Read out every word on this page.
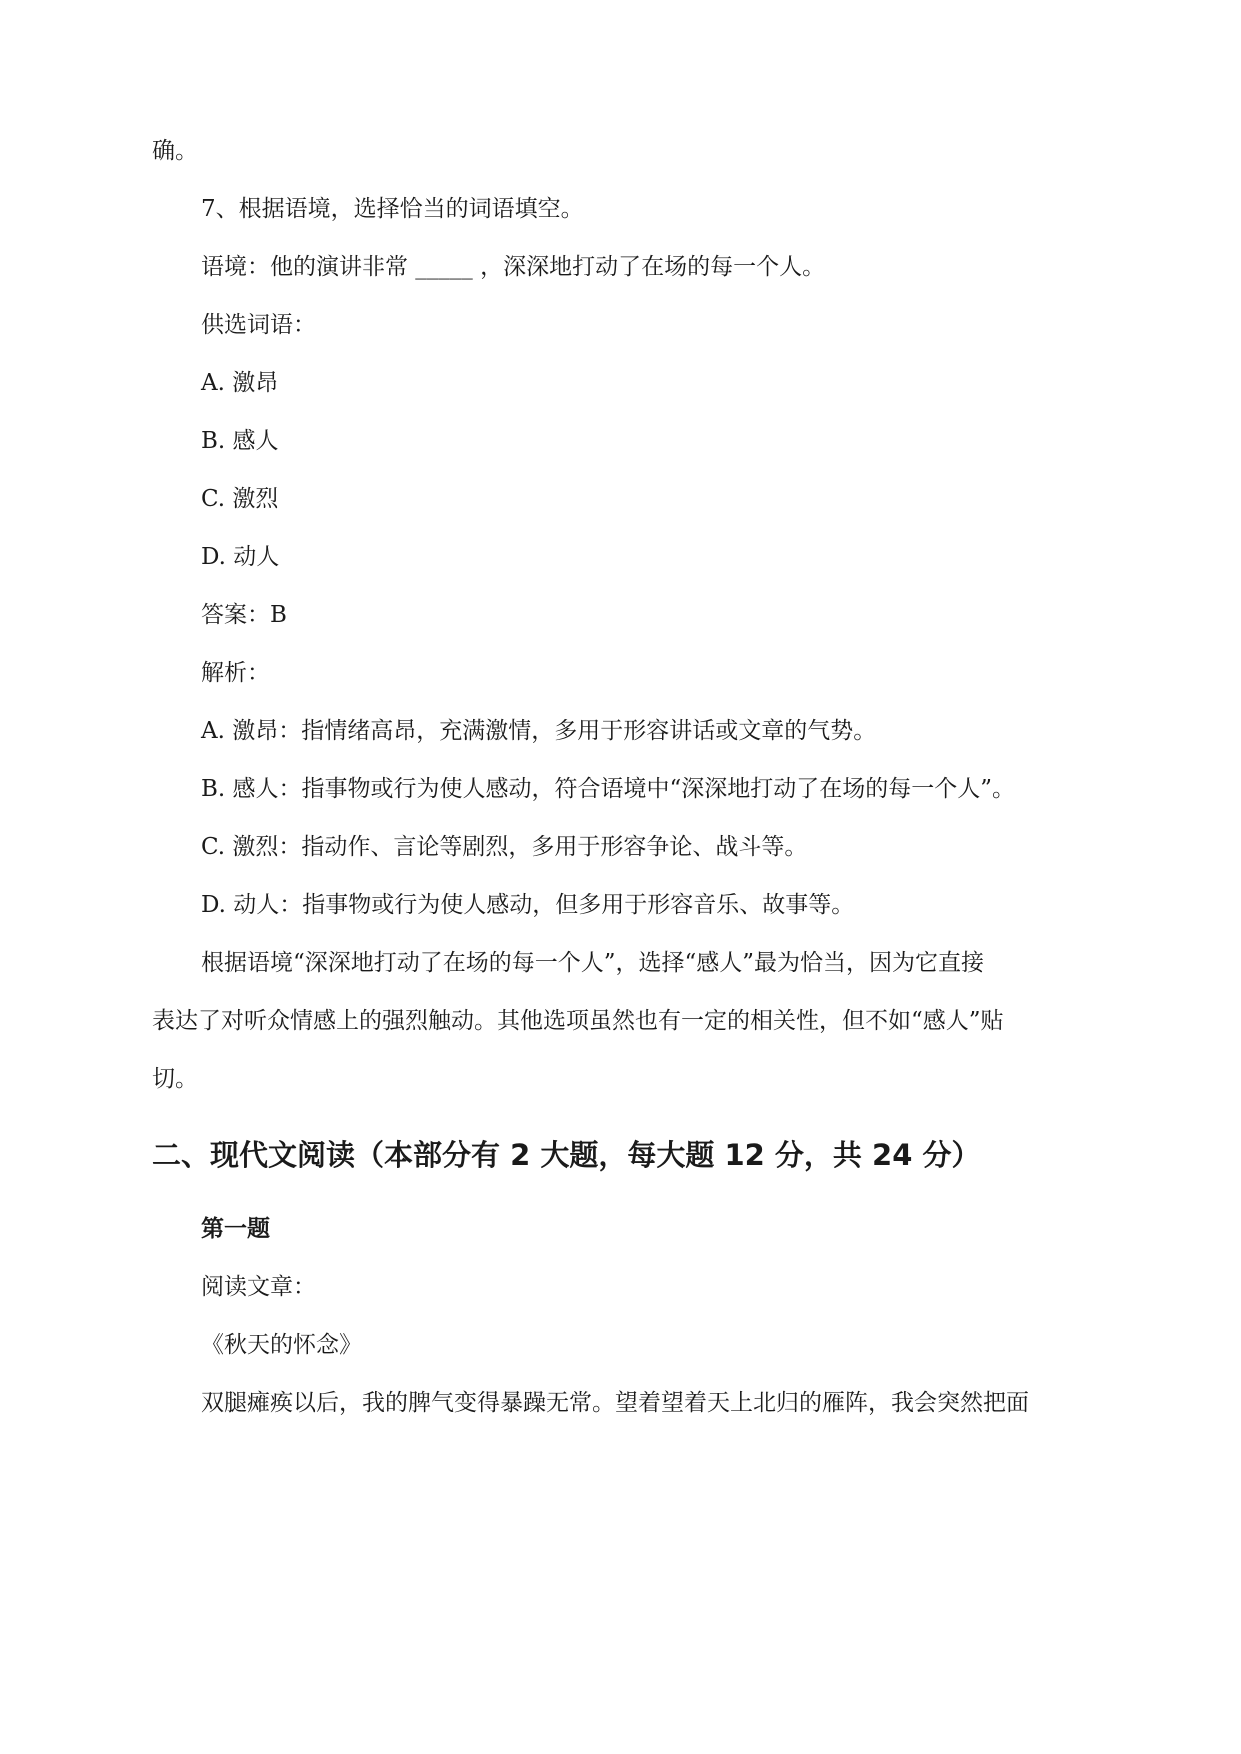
确。
7、根据语境，选择恰当的词语填空。
语境：他的演讲非常 _____ ，深深地打动了在场的每一个人。
供选词语：
A. 激昂
B. 感人
C. 激烈
D. 动人
答案：B
解析：
A. 激昂：指情绪高昂，充满激情，多用于形容讲话或文章的气势。
B. 感人：指事物或行为使人感动，符合语境中“深深地打动了在场的每一个人”。
C. 激烈：指动作、言论等剧烈，多用于形容争论、战斗等。
D. 动人：指事物或行为使人感动，但多用于形容音乐、故事等。
根据语境“深深地打动了在场的每一个人”，选择“感人”最为恰当，因为它直接
表达了对听众情感上的强烈触动。其他选项虽然也有一定的相关性，但不如“感人”贴
切。
二、现代文阅读（本部分有 2 大题，每大题 12 分，共 24 分）
第一题
阅读文章：
《秋天的怀念》
双腿瘫痪以后，我的脾气变得暴躁无常。望着望着天上北归的雁阵，我会突然把面
